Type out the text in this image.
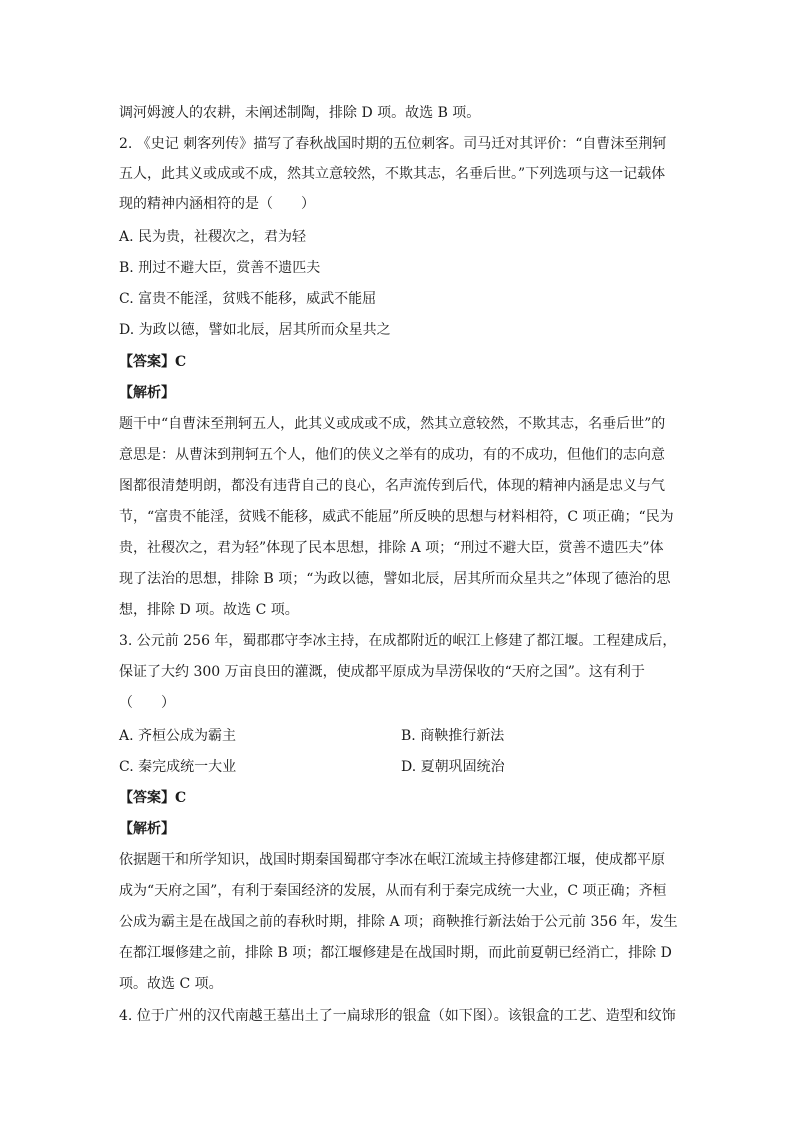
调河姆渡人的农耕，未阐述制陶，排除 D 项。故选 B 项。
2. 《史记 刺客列传》描写了春秋战国时期的五位刺客。司马迁对其评价：“自曹沫至荆轲
五人，此其义或成或不成，然其立意较然，不欺其志，名垂后世。”下列选项与这一记载体
现的精神内涵相符的是（　　）
A. 民为贵，社稷次之，君为轻
B. 刑过不避大臣，赏善不遗匹夫
C. 富贵不能淫，贫贱不能移，威武不能屈
D. 为政以德，譬如北辰，居其所而众星共之
【答案】C
【解析】
题干中“自曹沫至荆轲五人，此其义或成或不成，然其立意较然，不欺其志，名垂后世”的
意思是：从曹沫到荆轲五个人，他们的侠义之举有的成功，有的不成功，但他们的志向意
图都很清楚明朗，都没有违背自己的良心，名声流传到后代，体现的精神内涵是忠义与气
节，“富贵不能淫，贫贱不能移，威武不能屈”所反映的思想与材料相符，C 项正确；“民为
贵，社稷次之，君为轻”体现了民本思想，排除 A 项；“刑过不避大臣，赏善不遗匹夫”体
现了法治的思想，排除 B 项；“为政以德，譬如北辰，居其所而众星共之”体现了德治的思
想，排除 D 项。故选 C 项。
3. 公元前 256 年，蜀郡郡守李冰主持，在成都附近的岷江上修建了都江堰。工程建成后，
保证了大约 300 万亩良田的灌溉，使成都平原成为旱涝保收的“天府之国”。这有利于
（　　）
A. 齐桓公成为霸主	B. 商鞅推行新法
C. 秦完成统一大业	D. 夏朝巩固统治
【答案】C
【解析】
依据题干和所学知识，战国时期秦国蜀郡守李冰在岷江流域主持修建都江堰，使成都平原
成为“天府之国”，有利于秦国经济的发展，从而有利于秦完成统一大业，C 项正确；齐桓
公成为霸主是在战国之前的春秋时期，排除 A 项；商鞅推行新法始于公元前 356 年，发生
在都江堰修建之前，排除 B 项；都江堰修建是在战国时期，而此前夏朝已经消亡，排除 D
项。故选 C 项。
4. 位于广州的汉代南越王墓出土了一扁球形的银盒（如下图）。该银盒的工艺、造型和纹饰
